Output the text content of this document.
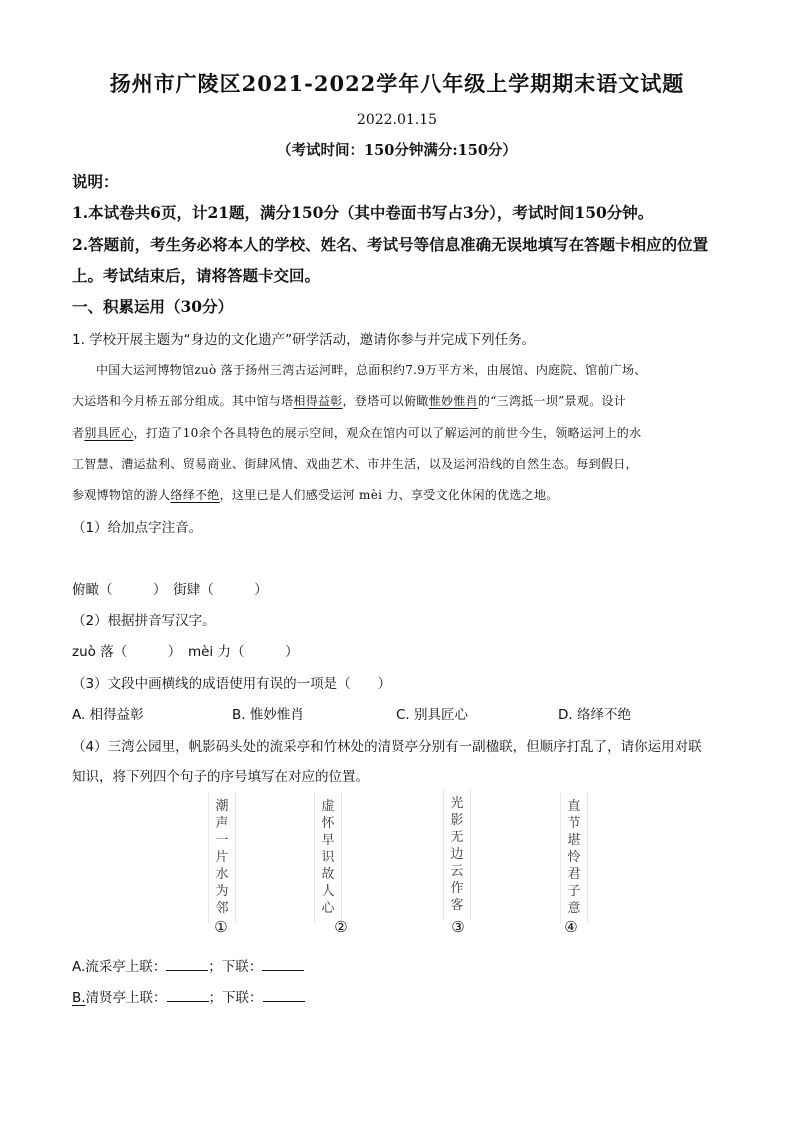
扬州市广陵区2021-2022学年八年级上学期期末语文试题
2022.01.15
（考试时间：150分钟满分:150分）
说明：
1.本试卷共6页，计21题，满分150分（其中卷面书写占3分），考试时间150分钟。
2.答题前，考生务必将本人的学校、姓名、考试号等信息准确无误地填写在答题卡相应的位置
上。考试结束后，请将答题卡交回。
一、积累运用（30分）
1. 学校开展主题为“身边的文化遗产”研学活动，邀请你参与并完成下列任务。
中国大运河博物馆zuò 落于扬州三湾古运河畔，总面积约7.9万平方米，由展馆、内庭院、馆前广场、
大运塔和今月桥五部分组成。其中馆与塔相得益彰，登塔可以俯瞰惟妙惟肖的“三湾抵一坝”景观。设计
者别具匠心，打造了10余个各具特色的展示空间，观众在馆内可以了解运河的前世今生，领略运河上的水
工智慧、漕运盐利、贸易商业、街肆风情、戏曲艺术、市井生活，以及运河沿线的自然生态。每到假日，
参观博物馆的游人络绎不绝，这里已是人们感受运河 mèi 力、享受文化休闲的优选之地。
（1）给加点字注音。
俯瞰（　　　）　街肆（　　　）
（2）根据拼音写汉字。
zuò 落（　　　）　mèi 力（　　　）
（3）文段中画横线的成语使用有误的一项是（　　）
A. 相得益彰	B. 惟妙惟肖	C. 别具匠心	D. 络绎不绝
（4）三湾公园里，帆影码头处的流采亭和竹林处的清贤亭分别有一副楹联，但顺序打乱了，请你运用对联
知识，将下列四个句子的序号填写在对应的位置。
潮
声
一
片
水
为
邻
虚
怀
早
识
故
人
心
光
影
无
边
云
作
客
直
节
堪
怜
君
子
意
①	②	③	④
A.流采亭上联：	；下联：
B.清贤亭上联：	；下联：
